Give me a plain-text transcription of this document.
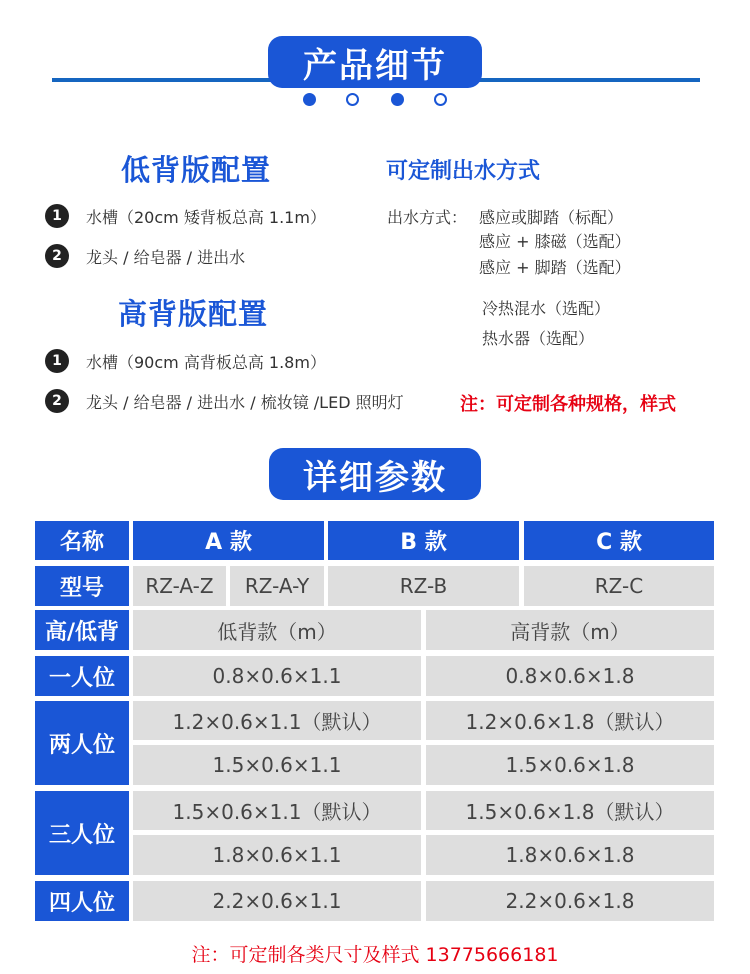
产品细节
低背版配置
1	水槽（20cm 矮背板总高 1.1m）
2	龙头 / 给皂器 / 进出水
高背版配置
1	水槽（90cm 高背板总高 1.8m）
2	龙头 / 给皂器 / 进出水 / 梳妆镜 /LED 照明灯
可定制出水方式
出水方式： 感应或脚踏（标配）
感应 + 膝磁（选配）
感应 + 脚踏（选配）
冷热混水（选配）
热水器（选配）
注：可定制各种规格，样式
详细参数
名称	A 款	B 款	C 款
型号	RZ-A-Z	RZ-A-Y	RZ-B	RZ-C
高/低背	低背款（m）	高背款（m）
一人位	0.8×0.6×1.1	0.8×0.6×1.8
两人位
1.2×0.6×1.1（默认）	1.2×0.6×1.8（默认）
1.5×0.6×1.1	1.5×0.6×1.8
三人位
1.5×0.6×1.1（默认）	1.5×0.6×1.8（默认）
1.8×0.6×1.1	1.8×0.6×1.8
四人位	2.2×0.6×1.1	2.2×0.6×1.8
注：可定制各类尺寸及样式 13775666181
